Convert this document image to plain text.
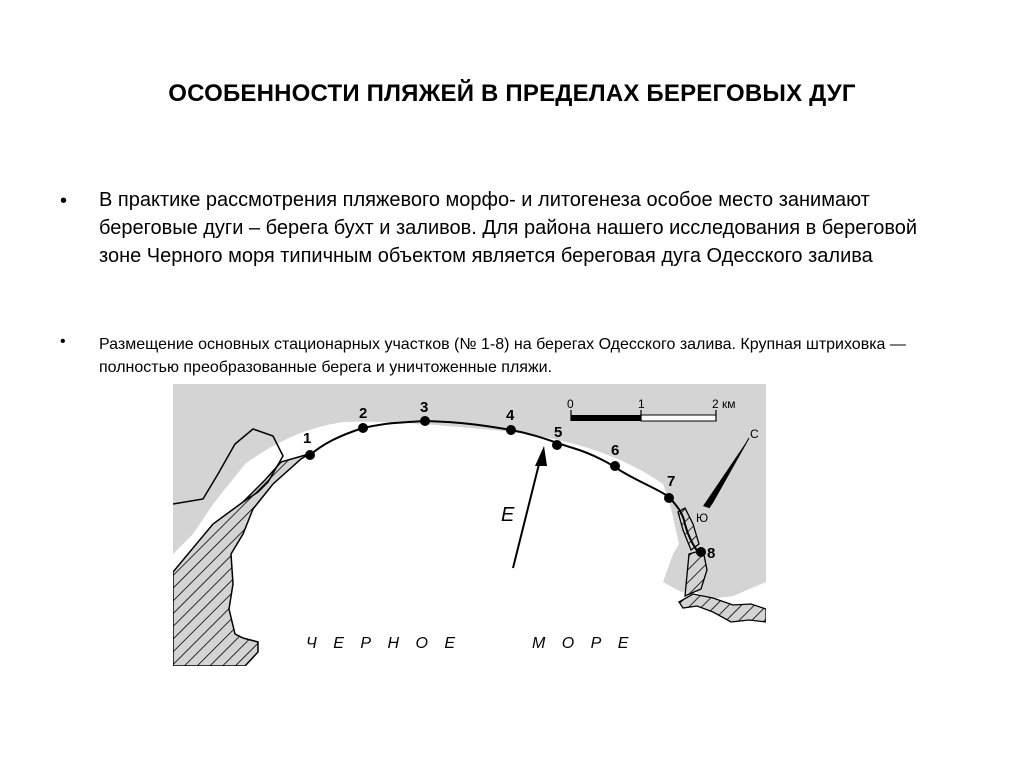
ОСОБЕННОСТИ ПЛЯЖЕЙ В ПРЕДЕЛАХ БЕРЕГОВЫХ ДУГ
• В практике рассмотрения пляжевого морфо- и литогенеза особое место занимают береговые дуги – берега бухт и заливов. Для района нашего исследования в береговой зоне Черного моря типичным объектом является береговая дуга Одесского залива
• Размещение основных стационарных участков (№ 1-8) на берегах Одесского залива. Крупная штриховка — полностью преобразованные берега и уничтоженные пляжи.
1
2	3	4
5
6
7
8
0	1	2 км
Е
С
Ю
Ч Е Р Н О Е	М О Р Е
